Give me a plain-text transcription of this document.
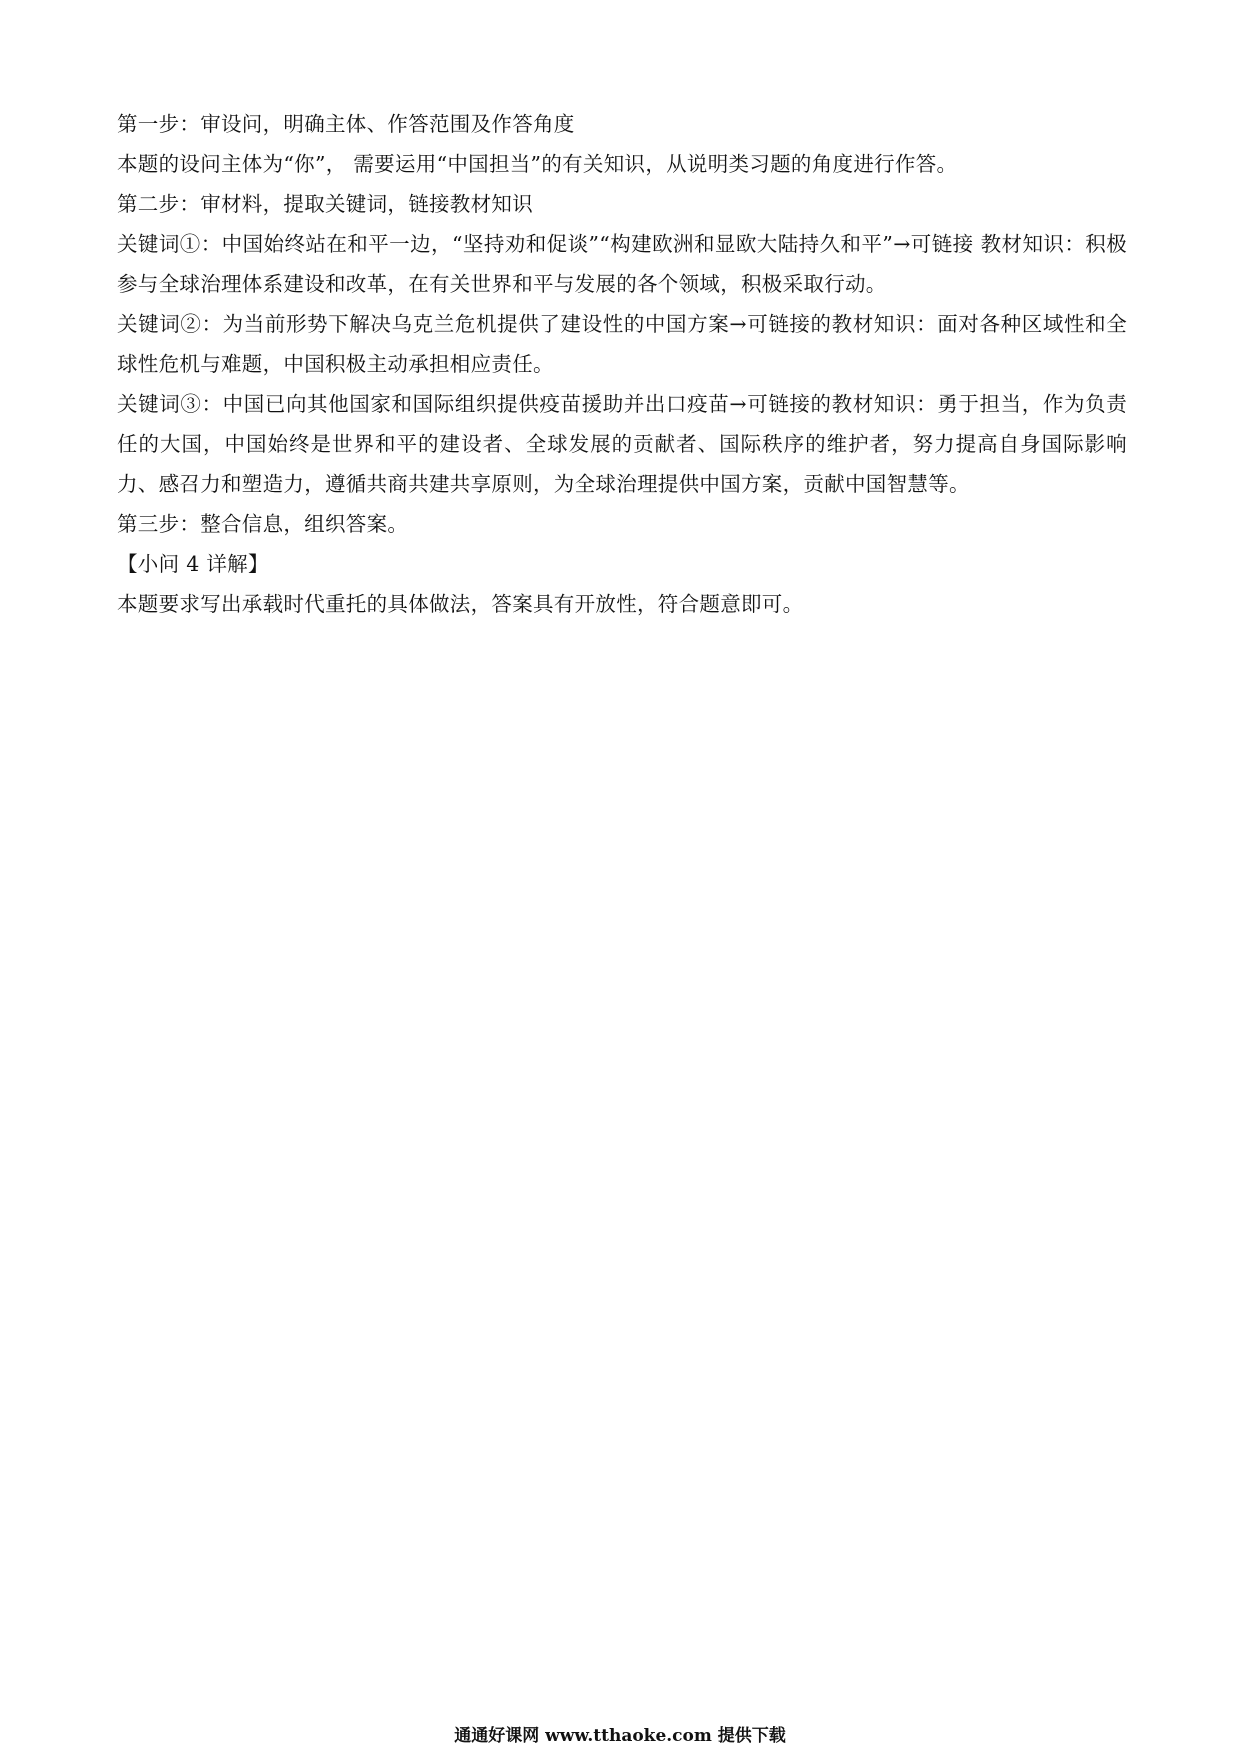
第一步：审设问，明确主体、作答范围及作答角度

本题的设问主体为“你”， 需要运用“中国担当”的有关知识，从说明类习题的角度进行作答。

第二步：审材料，提取关键词，链接教材知识

关键词①：中国始终站在和平一边，“坚持劝和促谈”“构建欧洲和显欧大陆持久和平”→可链接 教材知识：积极参与全球治理体系建设和改革，在有关世界和平与发展的各个领域，积极采取行动。

关键词②：为当前形势下解决乌克兰危机提供了建设性的中国方案→可链接的教材知识：面对各种区域性和全球性危机与难题，中国积极主动承担相应责任。

关键词③：中国已向其他国家和国际组织提供疫苗援助并出口疫苗→可链接的教材知识：勇于担当，作为负责任的大国，中国始终是世界和平的建设者、全球发展的贡献者、国际秩序的维护者，努力提高自身国际影响力、感召力和塑造力，遵循共商共建共享原则，为全球治理提供中国方案，贡献中国智慧等。

第三步：整合信息，组织答案。

【小问 4 详解】

本题要求写出承载时代重托的具体做法，答案具有开放性，符合题意即可。

通通好课网 www.tthaoke.com 提供下载
